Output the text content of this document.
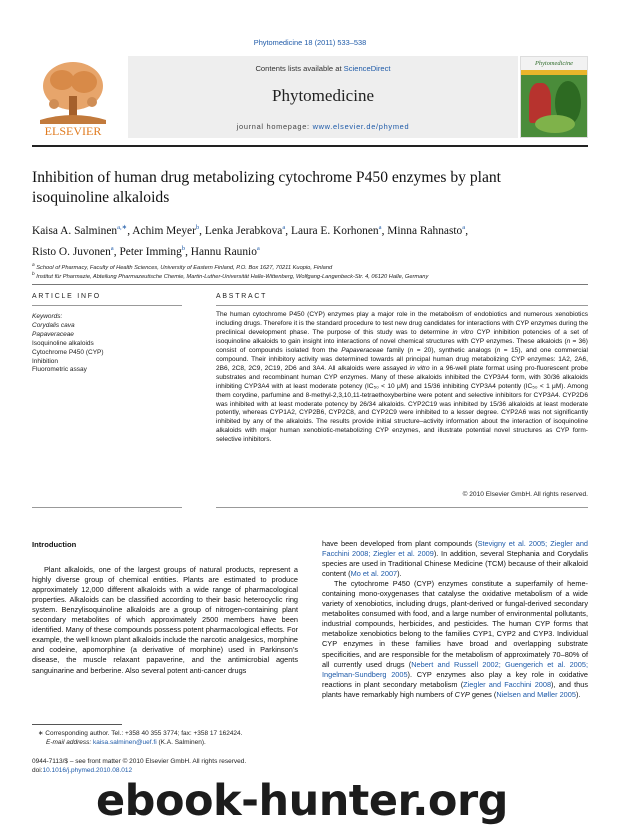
Phytomedicine 18 (2011) 533–538
ELSEVIER
Contents lists available at ScienceDirect
Phytomedicine
journal homepage: www.elsevier.de/phymed
Phytomedicine
Inhibition of human drug metabolizing cytochrome P450 enzymes by plant isoquinoline alkaloids
Kaisa A. Salminen$^{a,∗}$, Achim Meyer$^b$, Lenka Jerabkova$^a$, Laura E. Korhonen$^a$, Minna Rahnasto$^a$,
Risto O. Juvonen$^a$, Peter Imming$^b$, Hannu Raunio$^a$
$^a$ School of Pharmacy, Faculty of Health Sciences, University of Eastern Finland, P.O. Box 1627, 70211 Kuopio, Finland
$^b$ Institut für Pharmazie, Abteilung Pharmazeutische Chemie, Martin-Luther-Universität Halle-Wittenberg, Wolfgang-Langenbeck-Str. 4, 06120 Halle, Germany
ARTICLE INFO	ABSTRACT
Keywords:
Corydalis cava
Papaveraceae
Isoquinoline alkaloids
Cytochrome P450 (CYP)
Inhibition
Fluorometric assay
The human cytochrome P450 (CYP) enzymes play a major role in the metabolism of endobiotics and numerous xenobiotics including drugs. Therefore it is the standard procedure to test new drug candidates for interactions with CYP enzymes during the preclinical development phase. The purpose of this study was to determine in vitro CYP inhibition potencies of a set of isoquinoline alkaloids to gain insight into interactions of novel chemical structures with CYP enzymes. These alkaloids (n = 36) consist of compounds isolated from the Papaveraceae family (n = 20), synthetic analogs (n = 15), and one commercial compound. Their inhibitory activity was determined towards all principal human drug metabolizing CYP enzymes: 1A2, 2A6, 2B6, 2C8, 2C9, 2C19, 2D6 and 3A4. All alkaloids were assayed in vitro in a 96-well plate format using pro-fluorescent probe substrates and recombinant human CYP enzymes. Many of these alkaloids inhibited the CYP3A4 form, with 30/36 alkaloids inhibiting CYP3A4 with at least moderate potency (IC₅₀ < 10 μM) and 15/36 inhibiting CYP3A4 potently (IC₅₀ < 1 μM). Among them corydine, parfumine and 8-methyl-2,3,10,11-tetraethoxyberbine were potent and selective inhibitors for CYP3A4. CYP2D6 was inhibited with at least moderate potency by 26/34 alkaloids. CYP2C19 was inhibited by 15/36 alkaloids at least moderate potently, whereas CYP1A2, CYP2B6, CYP2C8, and CYP2C9 were inhibited to a lesser degree. CYP2A6 was not significantly inhibited by any of the alkaloids. The results provide initial structure–activity information about the interaction of isoquinoline alkaloids with major human xenobiotic-metabolizing CYP enzymes, and illustrate potential novel structures as CYP form-selective inhibitors.
© 2010 Elsevier GmbH. All rights reserved.
Introduction

Plant alkaloids, one of the largest groups of natural products, represent a highly diverse group of chemical entities. Plants are estimated to produce approximately 12,000 different alkaloids with a wide range of pharmacological properties. Alkaloids can be classified according to their basic heterocyclic ring system. Benzylisoquinoline alkaloids are a group of nitrogen-containing plant secondary metabolites of which approximately 2500 members have been identified. Many of these compounds possess potent pharmacological effects. For example, the well known plant alkaloids include the narcotic analgesics, morphine and codeine, apomorphine (a derivative of morphine) used in Parkinson’s disease, the muscle relaxant papaverine, and the antimicrobial agents sanguinarine and berberine. Also several potent anti-cancer drugs

have been developed from plant compounds (Stevigny et al. 2005; Ziegler and Facchini 2008; Ziegler et al. 2009). In addition, several Stephania and Corydalis species are used in Traditional Chinese Medicine (TCM) because of their alkaloid content (Mo et al. 2007).

The cytochrome P450 (CYP) enzymes constitute a superfamily of heme-containing mono-oxygenases that catalyse the oxidative metabolism of a wide variety of xenobiotics, including drugs, plant-derived or fungal-derived secondary metabolites consumed with food, and a large number of environmental pollutants, industrial compounds, herbicides, and pesticides. The human CYP forms that metabolize xenobiotics belong to the families CYP1, CYP2 and CYP3. Individual CYP enzymes in these families have broad and overlapping substrate specificities, and are responsible for the metabolism of approximately 70–80% of all currently used drugs (Nebert and Russell 2002; Guengerich et al. 2005; Ingelman-Sundberg 2005). CYP enzymes also play a key role in oxidative reactions in plant secondary metabolism (Ziegler and Facchini 2008), and thus plants have remarkably high numbers of CYP genes (Nielsen and Møller 2005).

∗ Corresponding author. Tel.: +358 40 355 3774; fax: +358 17 162424.
E-mail address: kaisa.salminen@uef.fi (K.A. Salminen).
0944-7113/$ – see front matter © 2010 Elsevier GmbH. All rights reserved.
doi:10.1016/j.phymed.2010.08.012
ebook-hunter.org
